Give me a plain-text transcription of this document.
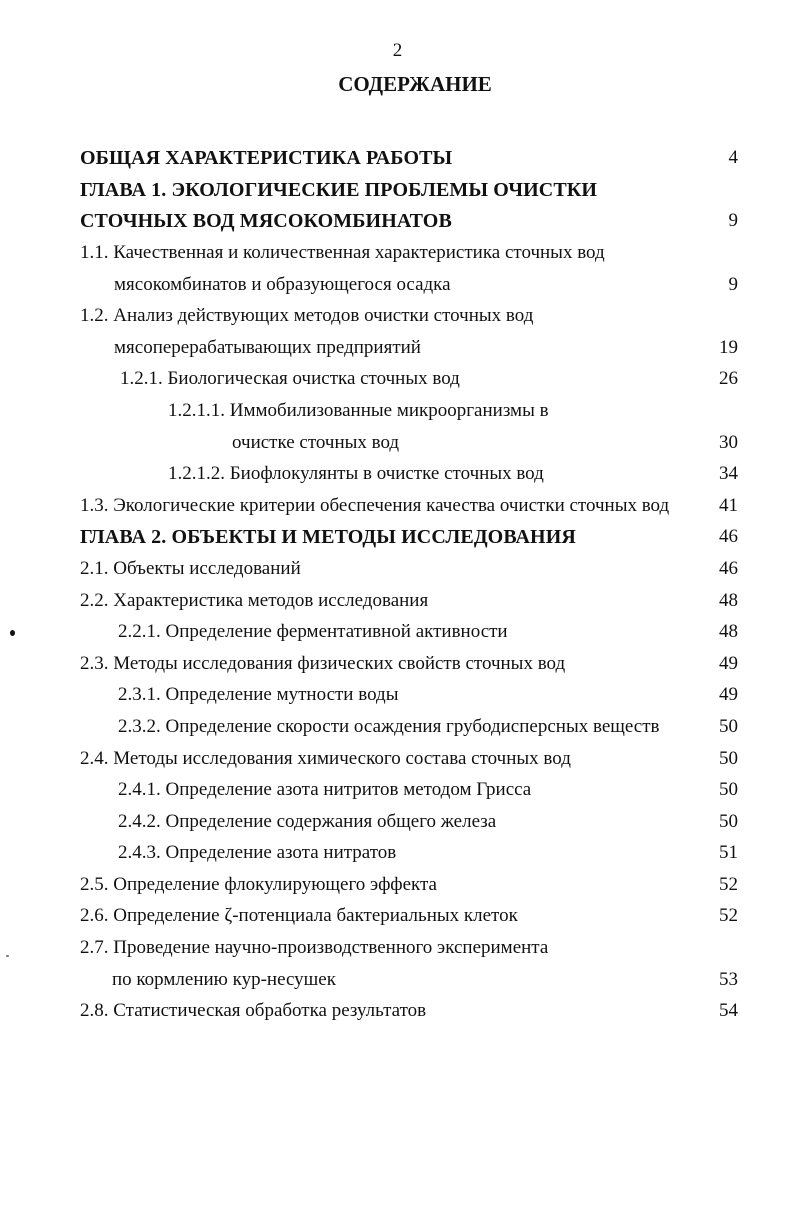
2
СОДЕРЖАНИЕ
ОБЩАЯ ХАРАКТЕРИСТИКА РАБОТЫ	4
ГЛАВА 1. ЭКОЛОГИЧЕСКИЕ ПРОБЛЕМЫ ОЧИСТКИ
СТОЧНЫХ ВОД МЯСОКОМБИНАТОВ	9
1.1. Качественная и количественная характеристика сточных вод
мясокомбинатов и образующегося осадка	9
1.2. Анализ действующих методов очистки сточных вод
мясоперерабатывающих предприятий	19
1.2.1. Биологическая очистка сточных вод	26
1.2.1.1. Иммобилизованные микроорганизмы в
очистке сточных вод	30
1.2.1.2. Биофлокулянты в очистке сточных вод	34
1.3. Экологические критерии обеспечения качества очистки сточных вод	41
ГЛАВА 2. ОБЪЕКТЫ И МЕТОДЫ ИССЛЕДОВАНИЯ	46
2.1. Объекты исследований	46
2.2. Характеристика методов исследования	48
2.2.1. Определение ферментативной активности	48
2.3. Методы исследования физических свойств сточных вод	49
2.3.1. Определение мутности воды	49
2.3.2. Определение скорости осаждения грубодисперсных веществ	50
2.4. Методы исследования химического состава сточных вод	50
2.4.1. Определение азота нитритов методом Грисса	50
2.4.2. Определение содержания общего железа	50
2.4.3. Определение азота нитратов	51
2.5. Определение флокулирующего эффекта	52
2.6. Определение ζ-потенциала бактериальных клеток	52
2.7. Проведение научно-производственного эксперимента
по кормлению кур-несушек	53
2.8. Статистическая обработка результатов	54
